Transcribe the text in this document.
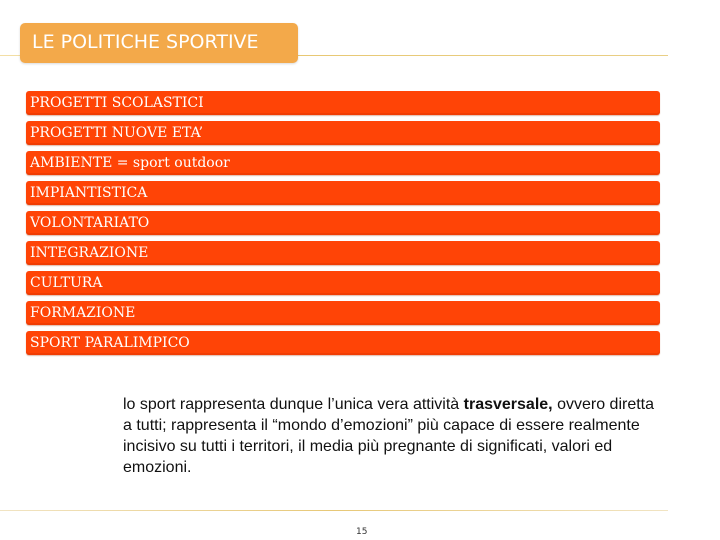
LE POLITICHE SPORTIVE
PROGETTI SCOLASTICI
PROGETTI NUOVE ETA’
AMBIENTE = sport outdoor
IMPIANTISTICA
VOLONTARIATO
INTEGRAZIONE
CULTURA
FORMAZIONE
SPORT PARALIMPICO
lo sport rappresenta dunque l’unica vera attività trasversale, ovvero diretta a tutti; rappresenta il “mondo d’emozioni” più capace di essere realmente incisivo su tutti i territori, il media più pregnante di significati, valori ed emozioni.
15
